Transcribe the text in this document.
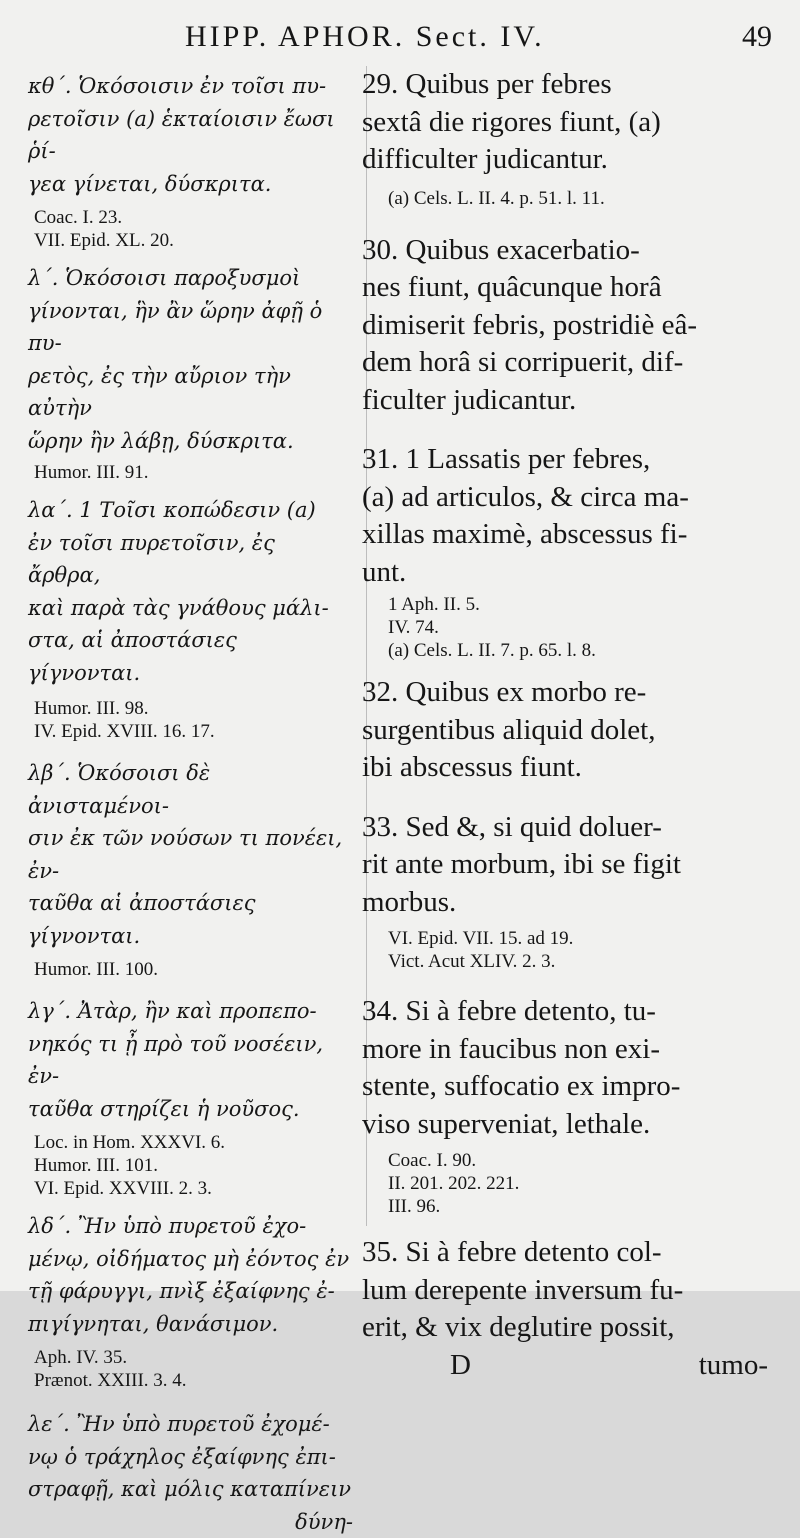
HIPP. APHOR. Sect. IV.	49
κθ΄. Ὁκόσοισιν ἐν τοῖσι πυ-
ρετοῖσιν (a) ἑκταίοισιν ἔωσι ῥί-
γεα γίνεται, δύσκριτα.
Coac. I. 23.
VII. Epid. XL. 20.
λ΄. Ὁκόσοισι παροξυσμοὶ
γίνονται, ἣν ἂν ὥρην ἀφῇ ὁ πυ-
ρετὸς, ἐς τὴν αὔριον τὴν αὐτὴν
ὥρην ἢν λάβῃ, δύσκριτα.
Humor. III. 91.
λα΄. 1 Τοῖσι κοπώδεσιν (a)
ἐν τοῖσι πυρετοῖσιν, ἐς ἄρθρα,
καὶ παρὰ τὰς γνάθους μάλι-
στα, αἱ ἀποστάσιες γίγνονται.
Humor. III. 98.
IV. Epid. XVIII. 16. 17.
λβ΄. Ὁκόσοισι δὲ ἀνισταμένοι-
σιν ἐκ τῶν νούσων τι πονέει, ἐν-
ταῦθα αἱ ἀποστάσιες γίγνονται.
Humor. III. 100.
λγ΄. Ἀτὰρ, ἢν καὶ προπεπο-
νηκός τι ᾖ πρὸ τοῦ νοσέειν, ἐν-
ταῦθα στηρίζει ἡ νοῦσος.
Loc. in Hom. XXXVI. 6.
Humor. III. 101.
VI. Epid. XXVIII. 2. 3.
λδ΄. Ἢν ὑπὸ πυρετοῦ ἐχο-
μένῳ, οἰδήματος μὴ ἐόντος ἐν
τῇ φάρυγγι, πνὶξ ἐξαίφνης ἐ-
πιγίγνηται, θανάσιμον.
Aph. IV. 35.
Prænot. XXIII. 3. 4.
λε΄. Ἢν ὑπὸ πυρετοῦ ἐχομέ-
νῳ ὁ τράχηλος ἐξαίφνης ἐπι-
στραφῇ, καὶ μόλις καταπίνειν
δύνη-
29. Quibus per febres
sextâ die rigores fiunt, (a)
difficulter judicantur.
(a) Cels. L. II. 4. p. 51. l. 11.
30. Quibus exacerbatio-
nes fiunt, quâcunque horâ
dimiserit febris, postridiè eâ-
dem horâ si corripuerit, dif-
ficulter judicantur.
31. 1 Lassatis per febres,
(a) ad articulos, & circa ma-
xillas maximè, abscessus fi-
unt.
1 Aph. II. 5.
IV. 74.
(a) Cels. L. II. 7. p. 65. l. 8.
32. Quibus ex morbo re-
surgentibus aliquid dolet,
ibi abscessus fiunt.
33. Sed &, si quid doluer-
rit ante morbum, ibi se figit
morbus.
VI. Epid. VII. 15. ad 19.
Vict. Acut XLIV. 2. 3.
34. Si à febre detento, tu-
more in faucibus non exi-
stente, suffocatio ex impro-
viso superveniat, lethale.
Coac. I. 90.
II. 201. 202. 221.
III. 96.
35. Si à febre detento col-
lum derepente inversum fu-
erit, & vix deglutire possit,
D	tumo-
